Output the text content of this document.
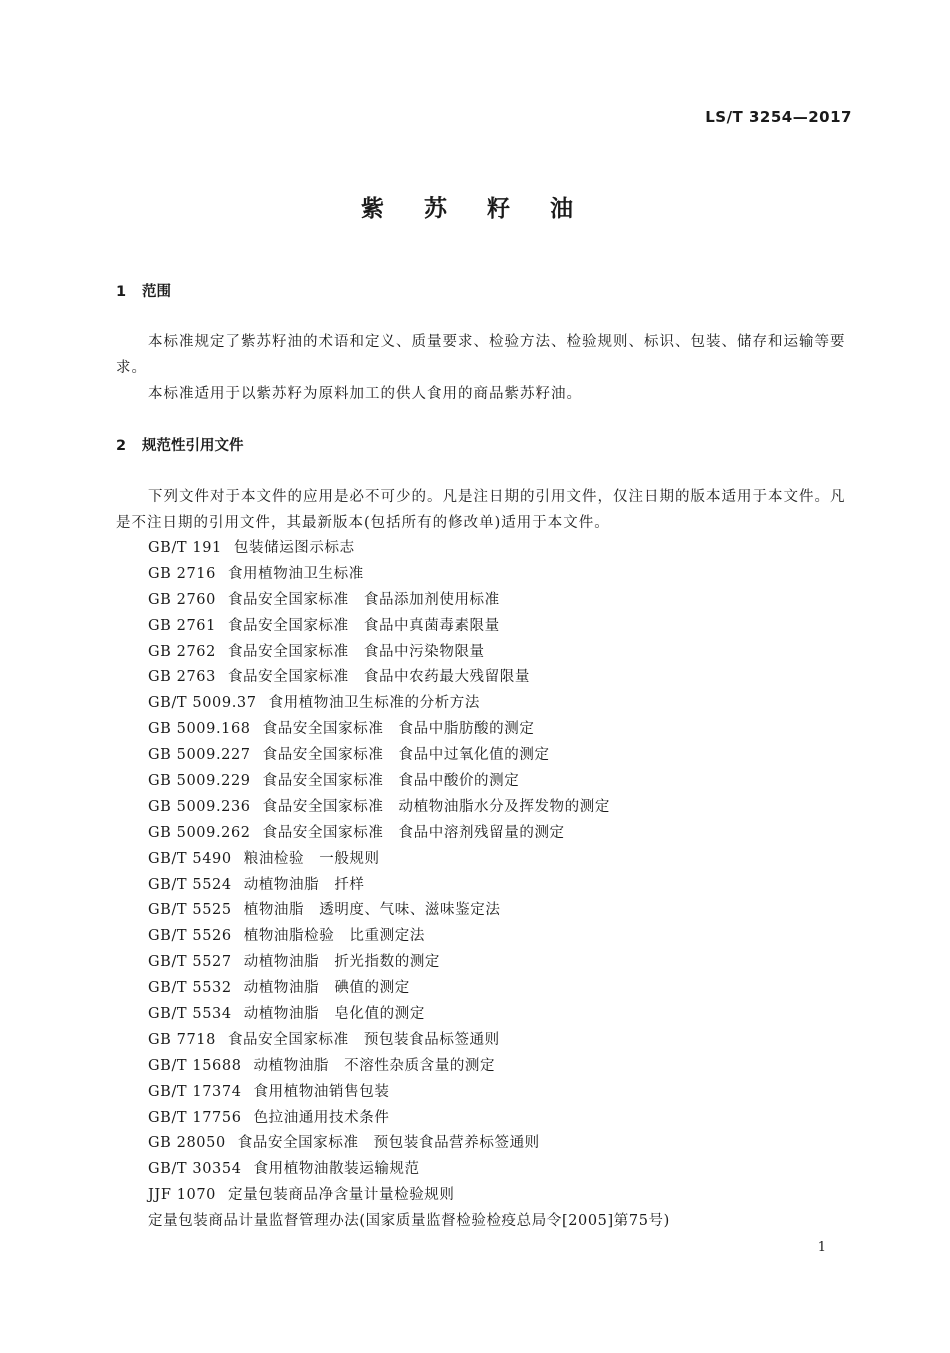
LS/T 3254—2017
紫 苏 籽 油
1 范围
本标准规定了紫苏籽油的术语和定义、质量要求、检验方法、检验规则、标识、包装、储存和运输等要求。
本标准适用于以紫苏籽为原料加工的供人食用的商品紫苏籽油。
2 规范性引用文件
下列文件对于本文件的应用是必不可少的。凡是注日期的引用文件，仅注日期的版本适用于本文件。凡是不注日期的引用文件，其最新版本(包括所有的修改单)适用于本文件。
GB/T 191 包装储运图示标志
GB 2716 食用植物油卫生标准
GB 2760 食品安全国家标准　食品添加剂使用标准
GB 2761 食品安全国家标准　食品中真菌毒素限量
GB 2762 食品安全国家标准　食品中污染物限量
GB 2763 食品安全国家标准　食品中农药最大残留限量
GB/T 5009.37 食用植物油卫生标准的分析方法
GB 5009.168 食品安全国家标准　食品中脂肪酸的测定
GB 5009.227 食品安全国家标准　食品中过氧化值的测定
GB 5009.229 食品安全国家标准　食品中酸价的测定
GB 5009.236 食品安全国家标准　动植物油脂水分及挥发物的测定
GB 5009.262 食品安全国家标准　食品中溶剂残留量的测定
GB/T 5490 粮油检验　一般规则
GB/T 5524 动植物油脂　扦样
GB/T 5525 植物油脂　透明度、气味、滋味鉴定法
GB/T 5526 植物油脂检验　比重测定法
GB/T 5527 动植物油脂　折光指数的测定
GB/T 5532 动植物油脂　碘值的测定
GB/T 5534 动植物油脂　皂化值的测定
GB 7718 食品安全国家标准　预包装食品标签通则
GB/T 15688 动植物油脂　不溶性杂质含量的测定
GB/T 17374 食用植物油销售包装
GB/T 17756 色拉油通用技术条件
GB 28050 食品安全国家标准　预包装食品营养标签通则
GB/T 30354 食用植物油散装运输规范
JJF 1070 定量包装商品净含量计量检验规则
定量包装商品计量监督管理办法(国家质量监督检验检疫总局令[2005]第75号)
1
